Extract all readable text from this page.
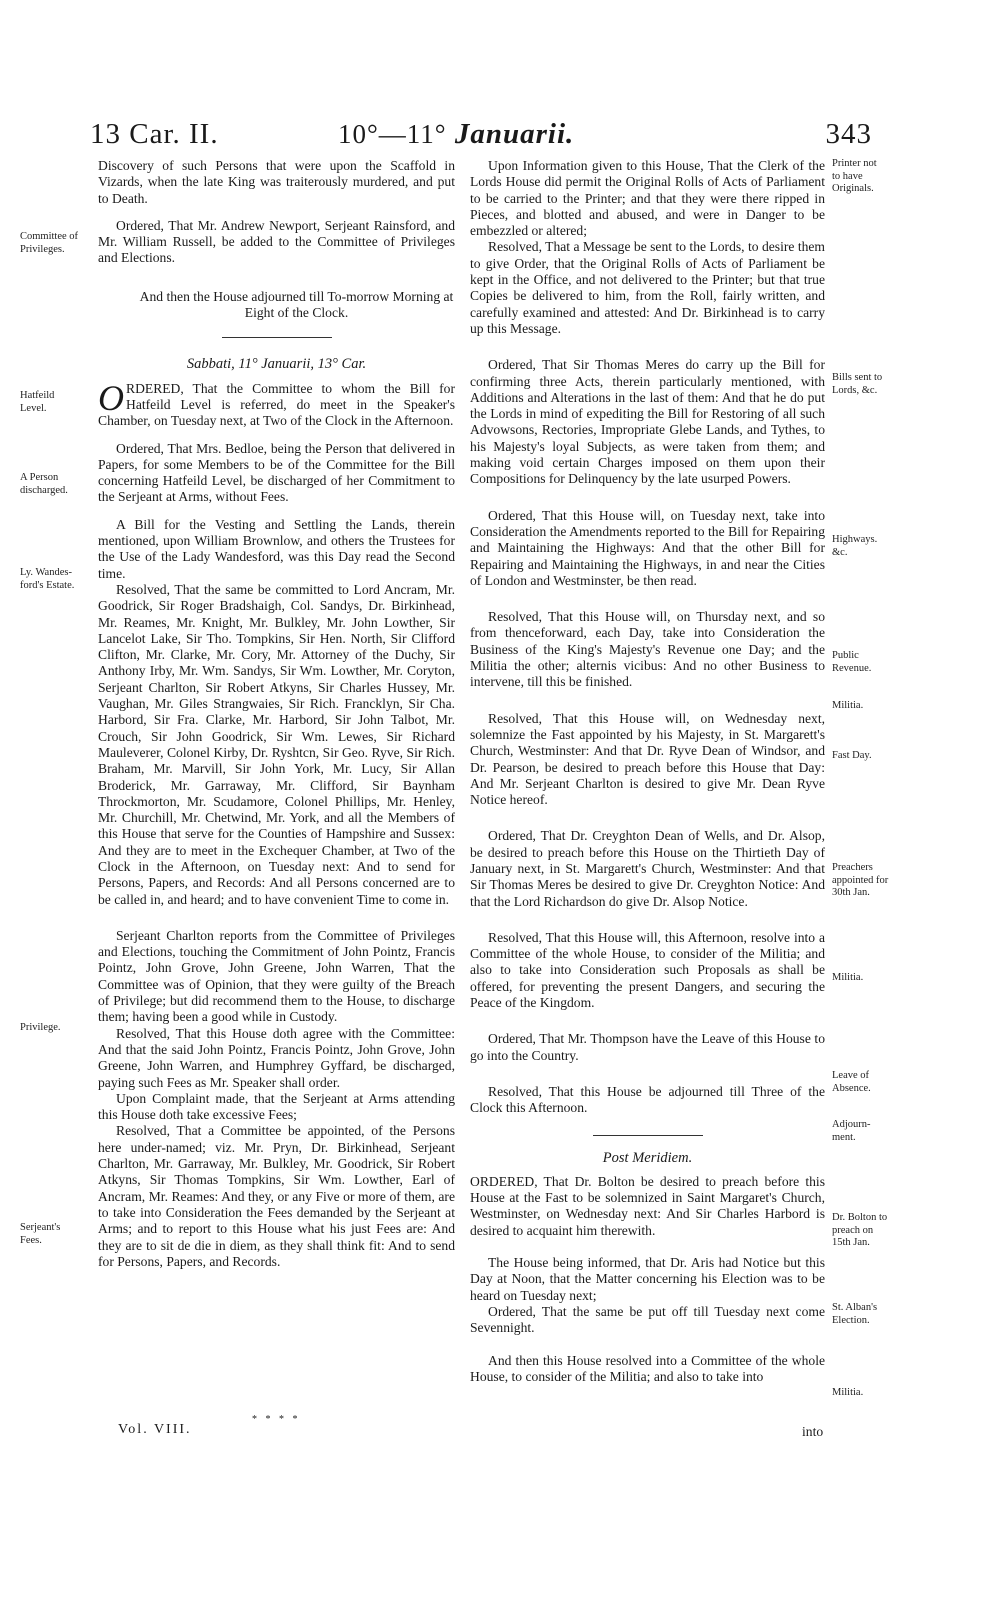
13 Car. II.	10°—11° Januarii.	343

Discovery of such Persons that were upon the Scaffold in Vizards, when the late King was traiterously murdered, and put to Death.

Ordered, That Mr. Andrew Newport, Serjeant Rainsford, and Mr. William Russell, be added to the Committee of Privileges and Elections.

And then the House adjourned till To-morrow Morning at Eight of the Clock.

Sabbati, 11° Januarii, 13° Car.

ORDERED, That the Committee to whom the Bill for Hatfeild Level is referred, do meet in the Speaker's Chamber, on Tuesday next, at Two of the Clock in the Afternoon.

Ordered, That Mrs. Bedloe, being the Person that delivered in Papers, for some Members to be of the Committee for the Bill concerning Hatfeild Level, be discharged of her Commitment to the Serjeant at Arms, without Fees.

A Bill for the Vesting and Settling the Lands, therein mentioned, upon William Brownlow, and others the Trustees for the Use of the Lady Wandesford, was this Day read the Second time.

Resolved, That the same be committed to Lord Ancram, Mr. Goodrick, Sir Roger Bradshaigh, Col. Sandys, Dr. Birkinhead, Mr. Reames, Mr. Knight, Mr. Bulkley, Mr. John Lowther, Sir Lancelot Lake, Sir Tho. Tompkins, Sir Hen. North, Sir Clifford Clifton, Mr. Clarke, Mr. Cory, Mr. Attorney of the Duchy, Sir Anthony Irby, Mr. Wm. Sandys, Sir Wm. Lowther, Mr. Coryton, Serjeant Charlton, Sir Robert Atkyns, Sir Charles Hussey, Mr. Vaughan, Mr. Giles Strangwaies, Sir Rich. Francklyn, Sir Cha. Harbord, Sir Fra. Clarke, Mr. Harbord, Sir John Talbot, Mr. Crouch, Sir John Goodrick, Sir Wm. Lewes, Sir Richard Mauleverer, Colonel Kirby, Dr. Ryshtcn, Sir Geo. Ryve, Sir Rich. Braham, Mr. Marvill, Sir John York, Mr. Lucy, Sir Allan Broderick, Mr. Garraway, Mr. Clifford, Sir Baynham Throckmorton, Mr. Scudamore, Colonel Phillips, Mr. Henley, Mr. Churchill, Mr. Chetwind, Mr. York, and all the Members of this House that serve for the Counties of Hampshire and Sussex: And they are to meet in the Exchequer Chamber, at Two of the Clock in the Afternoon, on Tuesday next: And to send for Persons, Papers, and Records: And all Persons concerned are to be called in, and heard; and to have convenient Time to come in.

Serjeant Charlton reports from the Committee of Privileges and Elections, touching the Commitment of John Pointz, Francis Pointz, John Grove, John Greene, John Warren, That the Committee was of Opinion, that they were guilty of the Breach of Privilege; but did recommend them to the House, to discharge them; having been a good while in Custody.

Resolved, That this House doth agree with the Committee: And that the said John Pointz, Francis Pointz, John Grove, John Greene, John Warren, and Humphrey Gyffard, be discharged, paying such Fees as Mr. Speaker shall order.

Upon Complaint made, that the Serjeant at Arms attending this House doth take excessive Fees;

Resolved, That a Committee be appointed, of the Persons here under-named; viz. Mr. Pryn, Dr. Birkinhead, Serjeant Charlton, Mr. Garraway, Mr. Bulkley, Mr. Goodrick, Sir Robert Atkyns, Sir Thomas Tompkins, Sir Wm. Lowther, Earl of Ancram, Mr. Reames: And they, or any Five or more of them, are to take into Consideration the Fees demanded by the Serjeant at Arms; and to report to this House what his just Fees are: And they are to sit de die in diem, as they shall think fit: And to send for Persons, Papers, and Records.

Upon Information given to this House, That the Clerk of the Lords House did permit the Original Rolls of Acts of Parliament to be carried to the Printer; and that they were there ripped in Pieces, and blotted and abused, and were in Danger to be embezzled or altered;

Resolved, That a Message be sent to the Lords, to desire them to give Order, that the Original Rolls of Acts of Parliament be kept in the Office, and not delivered to the Printer; but that true Copies be delivered to him, from the Roll, fairly written, and carefully examined and attested: And Dr. Birkinhead is to carry up this Message.

Ordered, That Sir Thomas Meres do carry up the Bill for confirming three Acts, therein particularly mentioned, with Additions and Alterations in the last of them: And that he do put the Lords in mind of expediting the Bill for Restoring of all such Advowsons, Rectories, Impropriate Glebe Lands, and Tythes, to his Majesty's loyal Subjects, as were taken from them; and making void certain Charges imposed on them upon their Compositions for Delinquency by the late usurped Powers.

Ordered, That this House will, on Tuesday next, take into Consideration the Amendments reported to the Bill for Repairing and Maintaining the Highways: And that the other Bill for Repairing and Maintaining the Highways, in and near the Cities of London and Westminster, be then read.

Resolved, That this House will, on Thursday next, and so from thenceforward, each Day, take into Consideration the Business of the King's Majesty's Revenue one Day; and the Militia the other; alternis vicibus: And no other Business to intervene, till this be finished.

Resolved, That this House will, on Wednesday next, solemnize the Fast appointed by his Majesty, in St. Margarett's Church, Westminster: And that Dr. Ryve Dean of Windsor, and Dr. Pearson, be desired to preach before this House that Day: And Mr. Serjeant Charlton is desired to give Mr. Dean Ryve Notice hereof.

Ordered, That Dr. Creyghton Dean of Wells, and Dr. Alsop, be desired to preach before this House on the Thirtieth Day of January next, in St. Margarett's Church, Westminster: And that Sir Thomas Meres be desired to give Dr. Creyghton Notice: And that the Lord Richardson do give Dr. Alsop Notice.

Resolved, That this House will, this Afternoon, resolve into a Committee of the whole House, to consider of the Militia; and also to take into Consideration such Proposals as shall be offered, for preventing the present Dangers, and securing the Peace of the Kingdom.

Ordered, That Mr. Thompson have the Leave of this House to go into the Country.

Resolved, That this House be adjourned till Three of the Clock this Afternoon.

Post Meridiem.

ORDERED, That Dr. Bolton be desired to preach before this House at the Fast to be solemnized in Saint Margaret's Church, Westminster, on Wednesday next: And Sir Charles Harbord is desired to acquaint him therewith.

The House being informed, that Dr. Aris had Notice but this Day at Noon, that the Matter concerning his Election was to be heard on Tuesday next;

Ordered, That the same be put off till Tuesday next come Sevennight.

And then this House resolved into a Committee of the whole House, to consider of the Militia; and also to take into

Committee of
Privileges.
Hatfeild
Level.
A Person
discharged.
Ly. Wandes-
ford's Estate.
Privilege.
Serjeant's
Fees.
Printer not
to have
Originals.
Bills sent to
Lords, &c.
Highways.
&c.
Public
Revenue.
Militia.
Fast Day.
Preachers
appointed for
30th Jan.
Militia.
Leave of
Absence.
Adjourn-
ment.
Dr. Bolton to
preach on
15th Jan.
St. Alban's
Election.
Militia.
Vol. VIII.
* * * *
into
